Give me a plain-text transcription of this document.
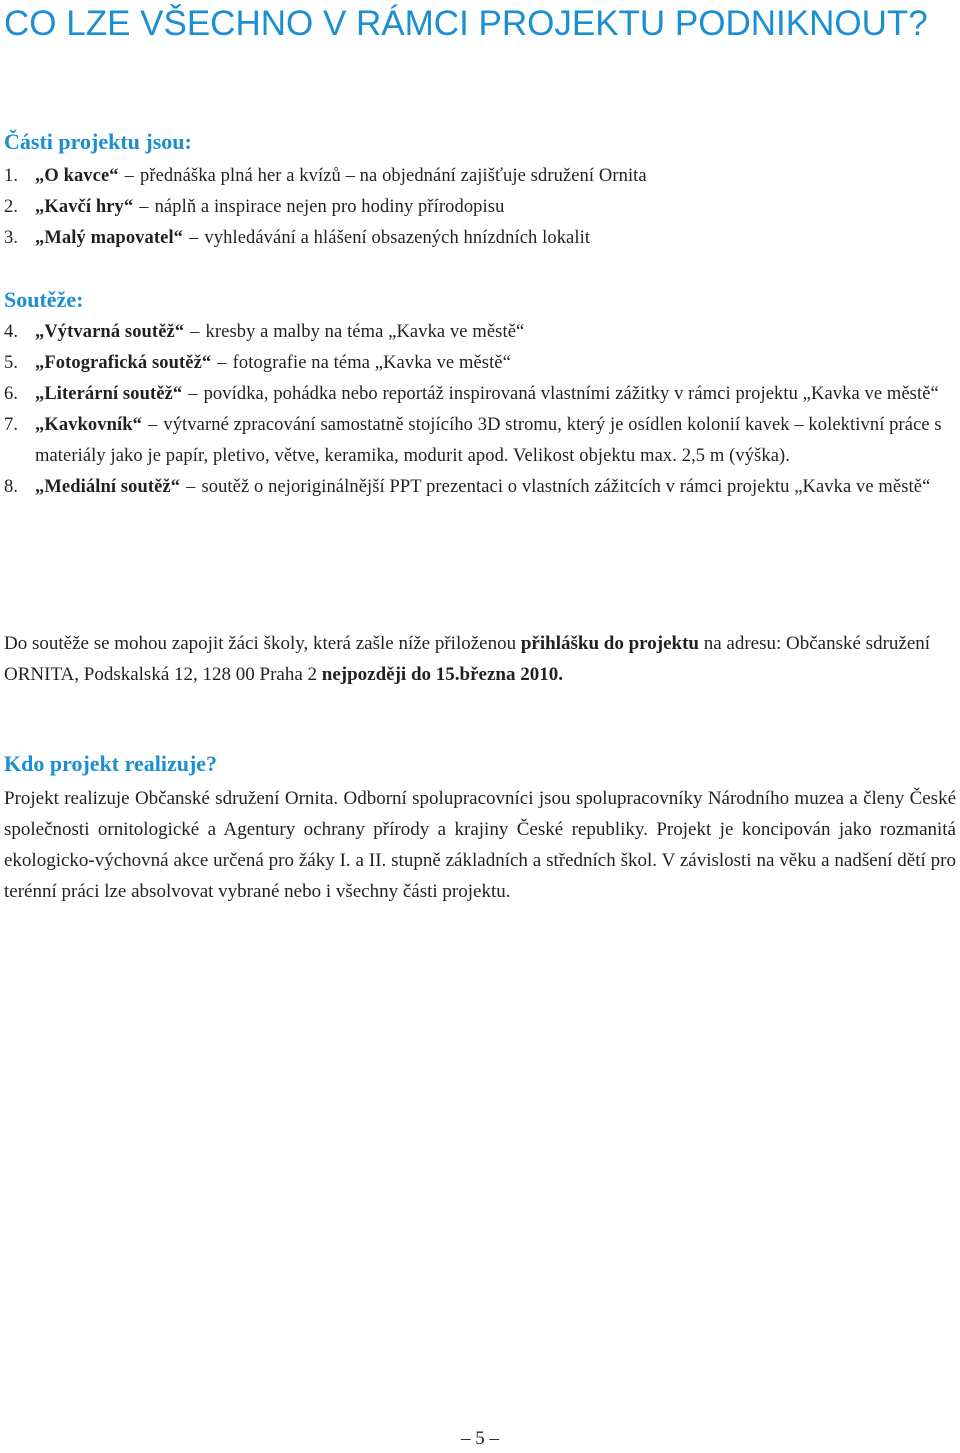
CO LZE VŠECHNO V RÁMCI PROJEKTU PODNIKNOUT?
Části projektu jsou:
1. „O kavce“ – přednáška plná her a kvízů – na objednání zajišťuje sdružení Ornita
2. „Kavčí hry“ – náplň a inspirace nejen pro hodiny přírodopisu
3. „Malý mapovatel“ – vyhledávání a hlášení obsazených hnízdních lokalit
Soutěže:
4. „Výtvarná soutěž“ – kresby a malby na téma „Kavka ve městě“
5. „Fotografická soutěž“ – fotografie na téma „Kavka ve městě“
6. „Literární soutěž“ – povídka, pohádka nebo reportáž inspirovaná vlastními zážitky v rámci projektu „Kavka ve městě“
7. „Kavkovník“ – výtvarné zpracování samostatně stojícího 3D stromu, který je osídlen kolonií kavek – kolektivní práce s materiály jako je papír, pletivo, větve, keramika, modurit apod. Velikost objektu max. 2,5 m (výška).
8. „Mediální soutěž“ – soutěž o nejoriginálnější PPT prezentaci o vlastních zážitcích v rámci projektu „Kavka ve městě“

Do soutěže se mohou zapojit žáci školy, která zašle níže přiloženou přihlášku do projektu na adresu: Občanské sdružení ORNITA, Podskalská 12, 128 00 Praha 2 nejpozději do 15.března 2010.

Kdo projekt realizuje?

Projekt realizuje Občanské sdružení Ornita. Odborní spolupracovníci jsou spolupracovníky Národního muzea a členy České společnosti ornitologické a Agentury ochrany přírody a krajiny České republiky. Projekt je koncipován jako rozmanitá ekologicko-výchovná akce určená pro žáky I. a II. stupně základních a středních škol. V závislosti na věku a nadšení dětí pro terénní práci lze absolvovat vybrané nebo i všechny části projektu.

– 5 –
